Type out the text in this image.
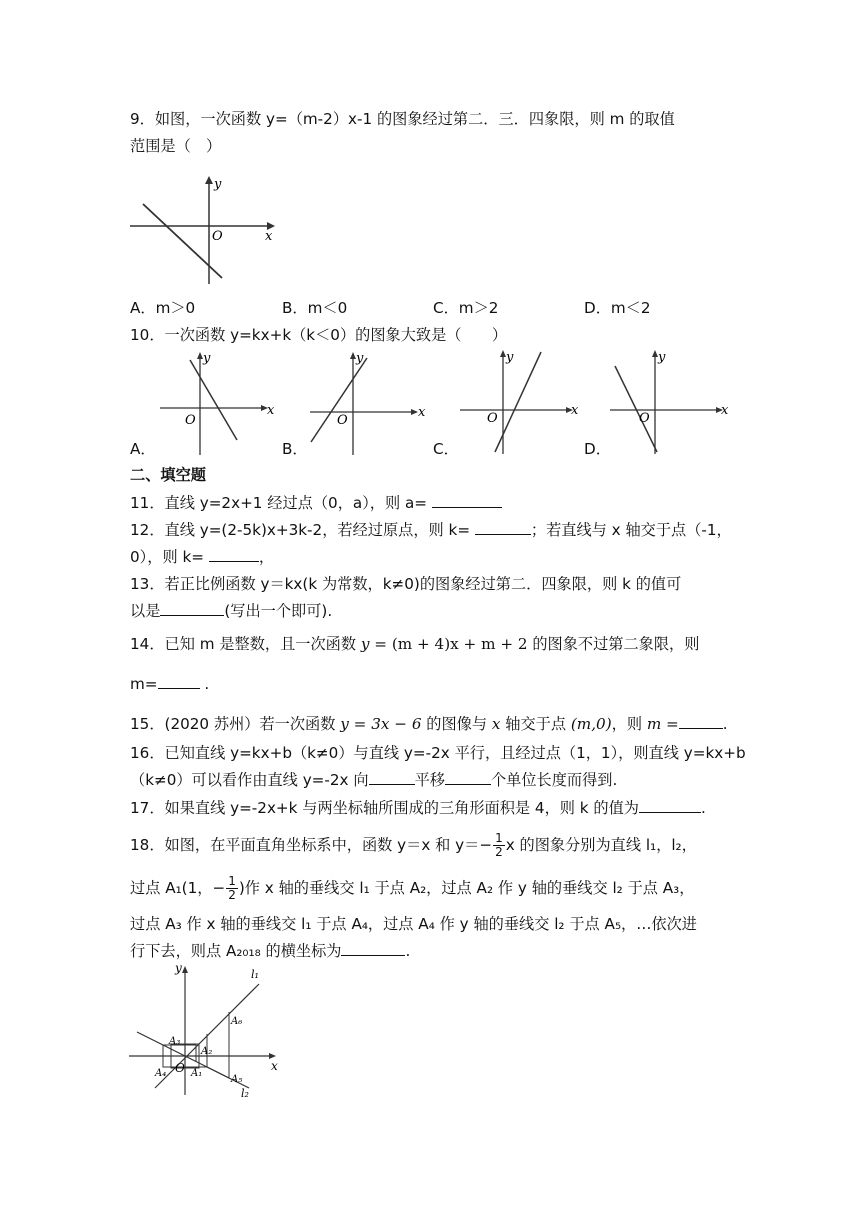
9．如图，一次函数 y=（m-2）x-1 的图象经过第二．三．四象限，则 m 的取值
范围是（　）
y
x
O
A．m＞0	B．m＜0	C．m＞2	D．m＜2
10．一次函数 y=kx+k（k＜0）的图象大致是（　　）
y
x
O
y
x
O
y
x
O
y
x
O
A．	B．	C．	D．
二、填空题
11．直线 y=2x+1 经过点（0，a），则 a=
12．直线 y=(2-5k)x+3k-2，若经过原点，则 k=	；若直线与 x 轴交于点（-1，
0），则 k=	，
13．若正比例函数 y＝kx(k 为常数，k≠0)的图象经过第二．四象限，则 k 的值可
以是	(写出一个即可).
14．已知 m 是整数，且一次函数 y = (m + 4)x + m + 2 的图象不过第二象限，则
m=	.
15．(2020 苏州）若一次函数 y = 3x − 6 的图像与 x 轴交于点 (m,0)，则 m =	.
16．已知直线 y=kx+b（k≠0）与直线 y=-2x 平行，且经过点（1，1），则直线 y=kx+b
（k≠0）可以看作由直线 y=-2x 向	平移	个单位长度而得到.
17．如果直线 y=-2x+k 与两坐标轴所围成的三角形面积是 4，则 k 的值为	.
18．如图，在平面直角坐标系中，函数 y＝x 和 $y=- \frac{1}{2}$ x 的图象分别为直线 l₁，l₂，
过点 A₁(1，− $\frac{1}{2}$ )作 x 轴的垂线交 l₁ 于点 A₂，过点 A₂ 作 y 轴的垂线交 l₂ 于点 A₃，
过点 A₃ 作 x 轴的垂线交 l₁ 于点 A₄，过点 A₄ 作 y 轴的垂线交 l₂ 于点 A₅，…依次进
行下去，则点 A₂₀₁₈ 的横坐标为	.
y
x
O
l₁
l₂
A₁
A₂
A₃
A₄
A₅
A₆
